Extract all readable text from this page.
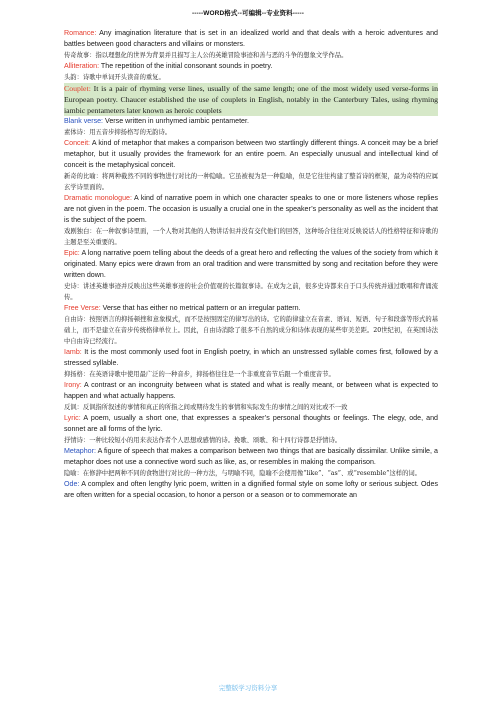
-----WORD格式--可编辑--专业资料-----

Romance: Any imagination literature that is set in an idealized world and that deals with a heroic adventures and battles between good characters and villains or monsters.

传奇故事：指以理想化的世界为背景并且描写主人公的英雄冒险事迹和善与恶的斗争的想象文学作品。

Alliteration: The repetition of the initial consonant sounds in poetry.

头韵：诗歌中单词开头读音的重复。

Couplet: It is a pair of rhyming verse lines, usually of the same length; one of the most widely used verse-forms in European poetry. Chaucer established the use of couplets in English, notably in the Canterbury Tales, using rhyming iambic pentameters later known as heroic couplets

Blank verse: Verse written in unrhymed iambic pentameter.

素体诗：用五音步抑扬格写的无韵诗。

Conceit: A kind of metaphor that makes a comparison between two startlingly different things. A conceit may be a brief metaphor, but it usually provides the framework for an entire poem. An especially unusual and intellectual kind of conceit is the metaphysical conceit.

新奇的比喻：将两种截然不同的事物进行对比的一种隐喻。它虽被视为是一种隐喻，但是它往往构建了整首诗的框架，最为奇特的应属玄学诗里面的。

Dramatic monologue: A kind of narrative poem in which one character speaks to one or more listeners whose replies are not given in the poem. The occasion is usually a crucial one in the speaker’s personality as well as the incident that is the subject of the poem.

戏剧独白：在一种叙事诗里面，一个人物对其他的人物讲话但并没有交代他们的回答，这种场合往往对反映说话人的性格特征和诗歌的主题是至关重要的。

Epic: A long narrative poem telling about the deeds of a great hero and reflecting the values of the society from which it originated. Many epics were drawn from an oral tradition and were transmitted by song and recitation before they were written down.

史诗：讲述英雄事迹并反映出这些英雄事迹的社会价值观的长篇叙事诗。在成为之前，很多史诗都来自于口头传统并通过歌唱和背诵流传。

Free Verse: Verse that has either no metrical pattern or an irregular pattern.

自由诗：按照语言的抑扬顿挫和意象模式，而不是按照固定的律写出的诗。它的韵律建立在音素、语词、短语、句子和段落等形式的基础上，而不是建立在音步传统格律单位上。因此，自由诗消除了很多不自然的成分和诗体表现的某些审美差距。20世纪初，在英国诗法中自由诗已经流行。

Iamb: It is the most commonly used foot in English poetry, in which an unstressed syllable comes first, followed by a stressed syllable.

抑扬格：在英语诗歌中使用最广泛的一种音步，抑扬格往往是一个非重度音节后跟一个重度音节。

Irony: A contrast or an incongruity between what is stated and what is really meant, or between what is expected to happen and what actually happens.

反讽：反讽指所叙述的事情和真正的所指之间或期待发生的事情和实际发生的事情之间的对比或不一致

Lyric: A poem, usually a short one, that expresses a speaker’s personal thoughts or feelings. The elegy, ode, and sonnet are all forms of the lyric.

抒情诗：一种比较短小的用来表达作者个人思想或感情的诗。挽歌、颂歌、和十四行诗都是抒情诗。

Metaphor: A figure of speech that makes a comparison between two things that are basically dissimilar. Unlike simile, a metaphor does not use a connective word such as like, as, or resembles in making the comparison.

隐喻：在修辞中把两种不同的食物进行对比的一种方法，与明喻不同，隐喻不会使用像“like”、“as”、或“resemble”这样的词。

Ode: A complex and often lengthy lyric poem, written in a dignified formal style on some lofty or serious subject. Odes are often written for a special occasion, to honor a person or a season or to commemorate an

完整版学习资料分享
